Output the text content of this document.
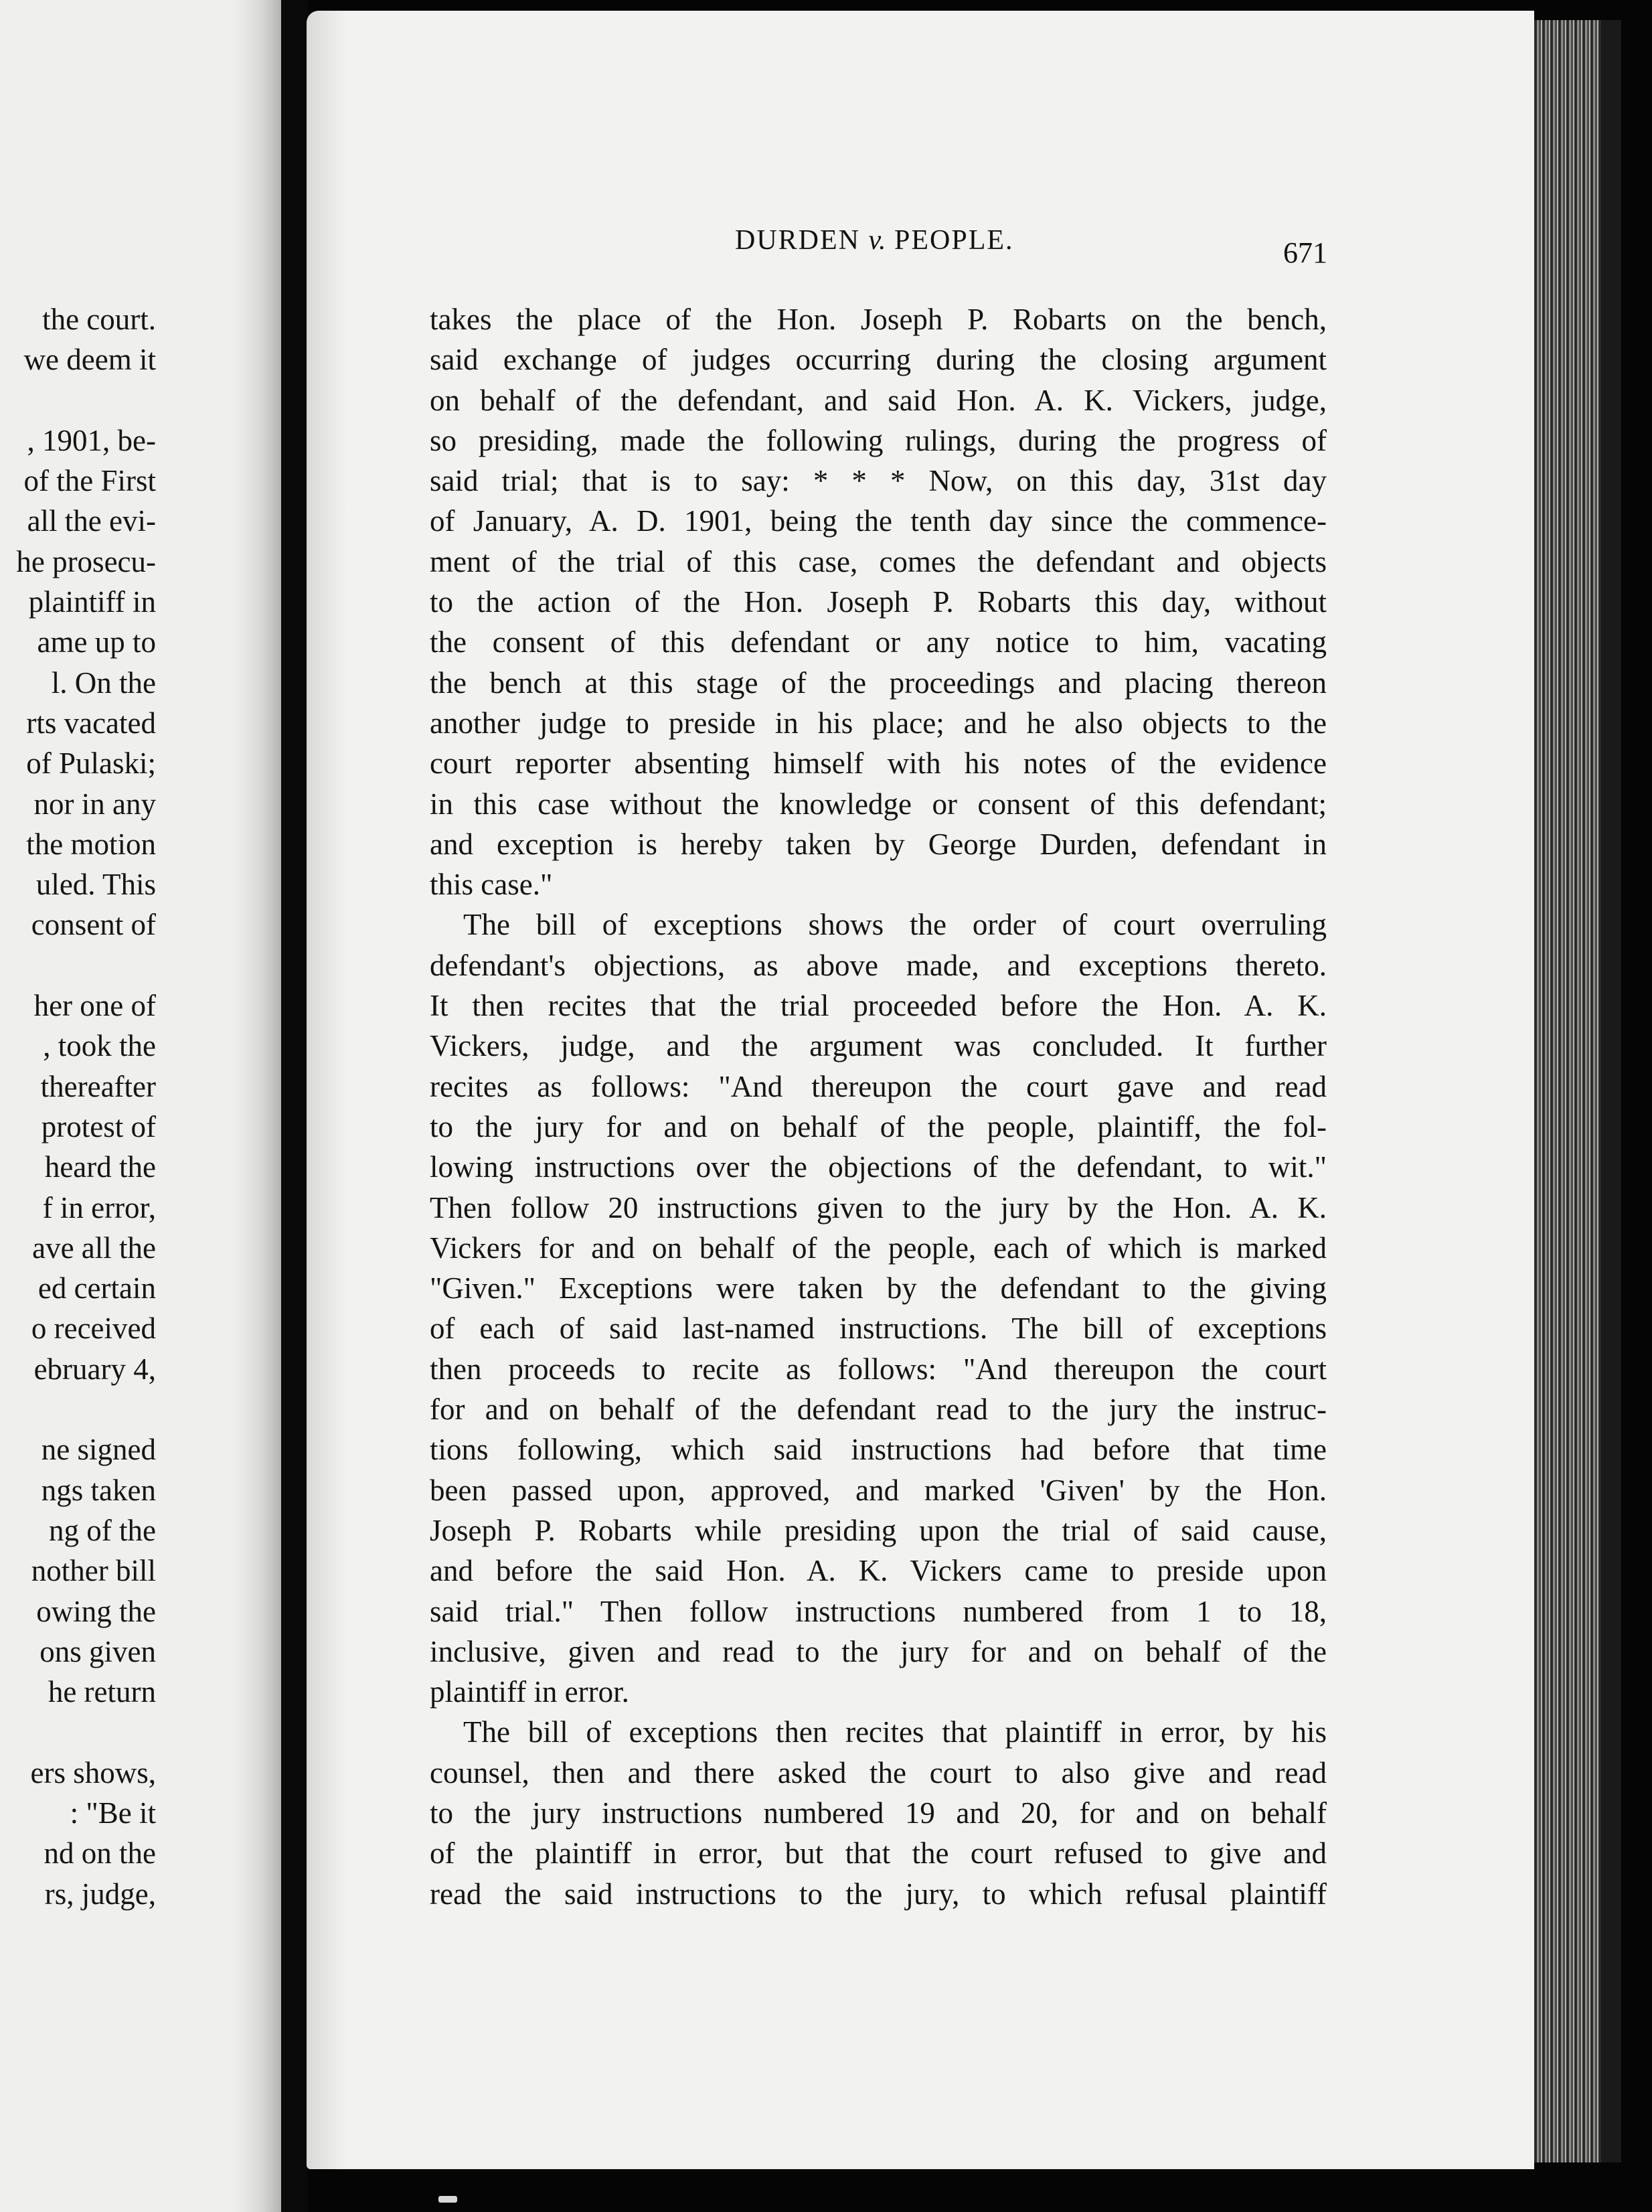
the court.
we deem it
, 1901, be-
of the First
all the evi-
he prosecu-
plaintiff in
ame up to
l. On the
rts vacated
of Pulaski;
nor in any
the motion
uled. This
consent of
her one of
, took the
thereafter
protest of
heard the
f in error,
ave all the
ed certain
o received
ebruary 4,
ne signed
ngs taken
ng of the
nother bill
owing the
ons given
he return
ers shows,
: "Be it
nd on the
rs, judge,
DURDEN v. PEOPLE.	671
takes the place of the Hon. Joseph P. Robarts on the bench,
said exchange of judges occurring during the closing argument
on behalf of the defendant, and said Hon. A. K. Vickers, judge,
so presiding, made the following rulings, during the progress of
said trial; that is to say: * * * Now, on this day, 31st day
of January, A. D. 1901, being the tenth day since the commence-
ment of the trial of this case, comes the defendant and objects
to the action of the Hon. Joseph P. Robarts this day, without
the consent of this defendant or any notice to him, vacating
the bench at this stage of the proceedings and placing thereon
another judge to preside in his place; and he also objects to the
court reporter absenting himself with his notes of the evidence
in this case without the knowledge or consent of this defendant;
and exception is hereby taken by George Durden, defendant in
this case."
The bill of exceptions shows the order of court overruling
defendant's objections, as above made, and exceptions thereto.
It then recites that the trial proceeded before the Hon. A. K.
Vickers, judge, and the argument was concluded. It further
recites as follows: "And thereupon the court gave and read
to the jury for and on behalf of the people, plaintiff, the fol-
lowing instructions over the objections of the defendant, to wit."
Then follow 20 instructions given to the jury by the Hon. A. K.
Vickers for and on behalf of the people, each of which is marked
"Given." Exceptions were taken by the defendant to the giving
of each of said last-named instructions. The bill of exceptions
then proceeds to recite as follows: "And thereupon the court
for and on behalf of the defendant read to the jury the instruc-
tions following, which said instructions had before that time
been passed upon, approved, and marked 'Given' by the Hon.
Joseph P. Robarts while presiding upon the trial of said cause,
and before the said Hon. A. K. Vickers came to preside upon
said trial." Then follow instructions numbered from 1 to 18,
inclusive, given and read to the jury for and on behalf of the
plaintiff in error.
The bill of exceptions then recites that plaintiff in error, by his
counsel, then and there asked the court to also give and read
to the jury instructions numbered 19 and 20, for and on behalf
of the plaintiff in error, but that the court refused to give and
read the said instructions to the jury, to which refusal plaintiff
